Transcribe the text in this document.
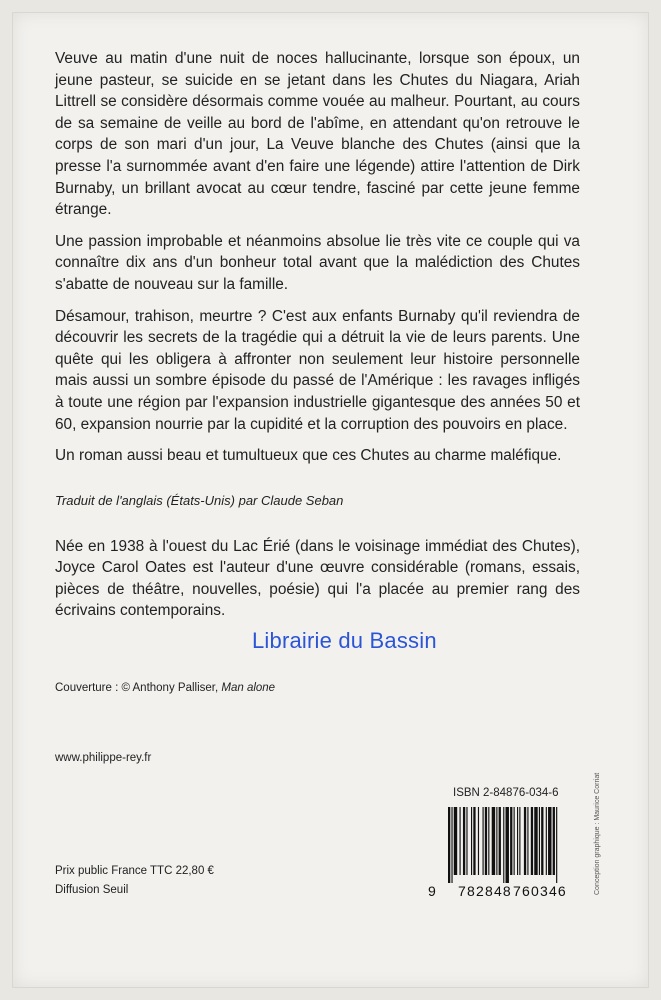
Veuve au matin d'une nuit de noces hallucinante, lorsque son époux, un jeune pasteur, se suicide en se jetant dans les Chutes du Niagara, Ariah Littrell se considère désormais comme vouée au malheur. Pourtant, au cours de sa semaine de veille au bord de l'abîme, en attendant qu'on retrouve le corps de son mari d'un jour, La Veuve blanche des Chutes (ainsi que la presse l'a surnommée avant d'en faire une légende) attire l'attention de Dirk Burnaby, un brillant avocat au cœur tendre, fasciné par cette jeune femme étrange.

Une passion improbable et néanmoins absolue lie très vite ce couple qui va connaître dix ans d'un bonheur total avant que la malédiction des Chutes s'abatte de nouveau sur la famille.

Désamour, trahison, meurtre ? C'est aux enfants Burnaby qu'il reviendra de découvrir les secrets de la tragédie qui a détruit la vie de leurs parents. Une quête qui les obligera à affronter non seulement leur histoire personnelle mais aussi un sombre épisode du passé de l'Amérique : les ravages infligés à toute une région par l'expansion industrielle gigantesque des années 50 et 60, expansion nourrie par la cupidité et la corruption des pouvoirs en place.

Un roman aussi beau et tumultueux que ces Chutes au charme maléfique.

Traduit de l'anglais (États-Unis) par Claude Seban

Née en 1938 à l'ouest du Lac Érié (dans le voisinage immédiat des Chutes), Joyce Carol Oates est l'auteur d'une œuvre considérable (romans, essais, pièces de théâtre, nouvelles, poésie) qui l'a placée au premier rang des écrivains contemporains.

Librairie du Bassin
Couverture : © Anthony Palliser, Man alone
www.philippe-rey.fr
Prix public France TTC 22,80 €
Diffusion Seuil
ISBN 2-84876-034-6
9 782848 760346	Conception graphique : Maurice Corriat
